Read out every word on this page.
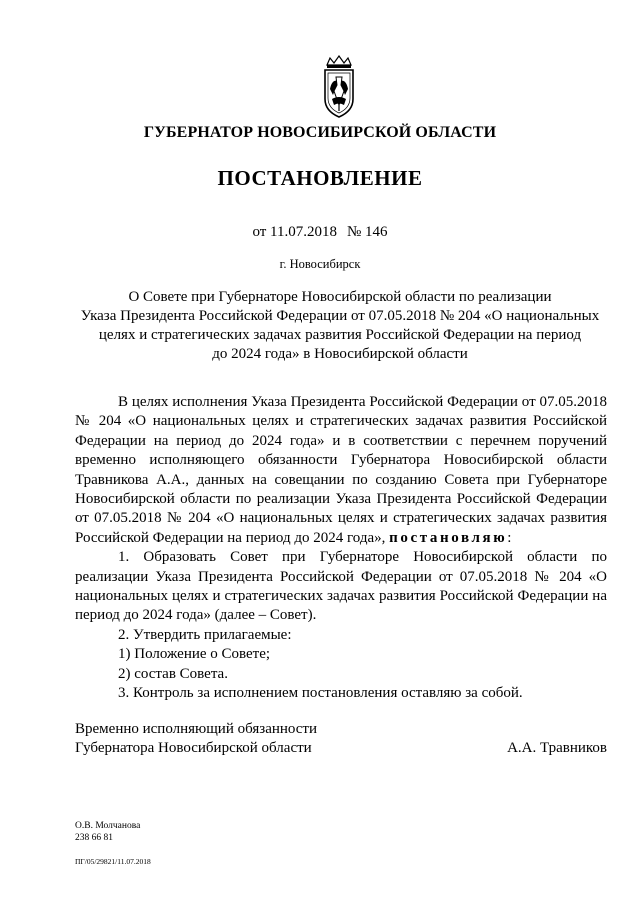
ГУБЕРНАТОР НОВОСИБИРСКОЙ ОБЛАСТИ
ПОСТАНОВЛЕНИЕ
от 11.07.2018 № 146
г. Новосибирск
О Совете при Губернаторе Новосибирской области по реализации
Указа Президента Российской Федерации от 07.05.2018 № 204 «О национальных
целях и стратегических задачах развития Российской Федерации на период
до 2024 года» в Новосибирской области

В целях исполнения Указа Президента Российской Федерации от 07.05.2018 № 204 «О национальных целях и стратегических задачах развития Российской Федерации на период до 2024 года» и в соответствии с перечнем поручений временно исполняющего обязанности Губернатора Новосибирской области Травникова А.А., данных на совещании по созданию Совета при Губернаторе Новосибирской области по реализации Указа Президента Российской Федерации от 07.05.2018 № 204 «О национальных целях и стратегических задачах развития Российской Федерации на период до 2024 года», постановляю:

1. Образовать Совет при Губернаторе Новосибирской области по реализации Указа Президента Российской Федерации от 07.05.2018 № 204 «О национальных целях и стратегических задачах развития Российской Федерации на период до 2024 года» (далее – Совет).

2. Утвердить прилагаемые:

1) Положение о Совете;

2) состав Совета.

3. Контроль за исполнением постановления оставляю за собой.

Временно исполняющий обязанности
Губернатора Новосибирской области	А.А. Травников
О.В. Молчанова
238 66 81
ПГ/05/29821/11.07.2018
